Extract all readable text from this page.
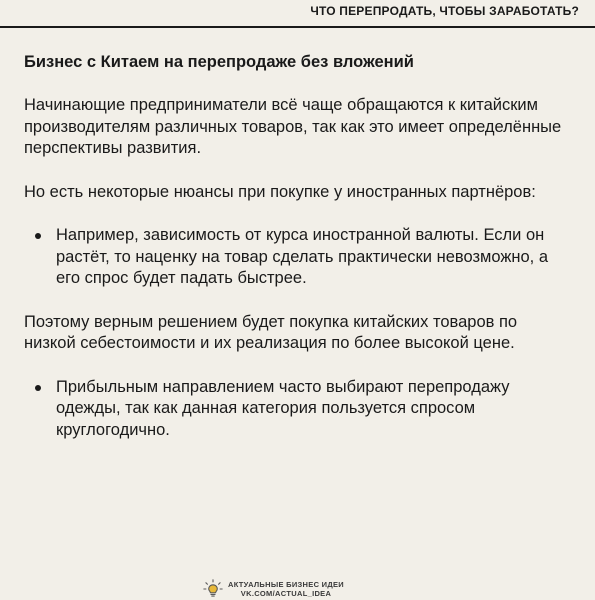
ЧТО ПЕРЕПРОДАТЬ, ЧТОБЫ ЗАРАБОТАТЬ?
Бизнес с Китаем на перепродаже без вложений

Начинающие предприниматели всё чаще обращаются к китайским производителям различных товаров, так как это имеет определённые перспективы развития.

Но есть некоторые нюансы при покупке у иностранных партнёров:

Например, зависимость от курса иностранной валюты. Если он растёт, то наценку на товар сделать практически невозможно, а его спрос будет падать быстрее.

Поэтому верным решением будет покупка китайских товаров по низкой себестоимости и их реализация по более высокой цене.

Прибыльным направлением часто выбирают перепродажу одежды, так как данная категория пользуется спросом круглогодично.
АКТУАЛЬНЫЕ БИЗНЕС ИДЕИ
VK.COM/ACTUAL_IDEA
